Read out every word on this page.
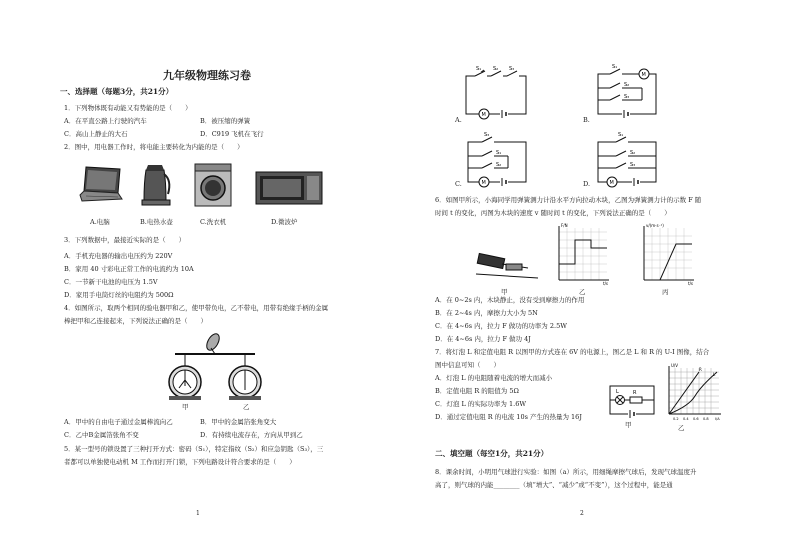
九年级物理练习卷
一、选择题（每题3分，共21分）
1．下列物体既有动能又有势能的是（　　）
A．在平直公路上行驶的汽车	B．被压缩的弹簧
C．高山上静止的大石	D．C919 飞机在飞行
2．图中，用电器工作时，将电能主要转化为内能的是（　　）
A.电脑	B.电热水壶	C.洗衣机	D.微波炉
3．下列数据中，最接近实际的是（　　）
A．手机充电器的输出电压约为 220V
B．家用 40 寸彩电正常工作的电流约为 10A
C．一节新干电池的电压为 1.5V
D．家用手电筒灯丝的电阻约为 500Ω
4．如图所示，取两个相同的验电器甲和乙，使甲带负电，乙不带电，用带有绝缘手柄的金属
棒把甲和乙连接起来，下列说法正确的是（　　）
甲	乙
A．甲中的自由电子通过金属棒流向乙	B．甲中的金属箔张角变大
C．乙中B金属箔张角不变	D．有持续电流存在，方向从甲到乙
5．某一型号的锁设置了三种打开方式：密码（S₁），特定指纹（S₂）和应急钥匙（S₃），三
者都可以单独使电动机 M 工作而打开门锁，下列电路设计符合要求的是（　　）
1
S₁ S₂ S₃
M
A.
S₁
S₂
S₃
M
B.
S₃
S₁
S₂
M
C.
S₁
S₂
S₃
M
D.
6．如图甲所示，小海同学用弹簧测力计沿水平方向拉动木块，乙图为弹簧测力计的示数 F 随
时间 t 的变化，丙图为木块的速度 v 随时间 t 的变化，下列说法正确的是（　　）
甲
F/N
t/s
乙
v/(m·s⁻¹)
t/s
丙
A．在 0~2s 内，木块静止，没有受到摩擦力的作用
B．在 2~4s 内，摩擦力大小为 5N
C．在 4~6s 内，拉力 F 做功的功率为 2.5W
D．在 4~6s 内，拉力 F 做功 4J
7．将灯泡 L 和定值电阻 R 以图甲的方式连在 6V 的电源上，图乙是 L 和 R 的 U-I 图像，结合
图中信息可知（　　）
A．灯泡 L 的电阻随着电流的增大而减小
B．定值电阻 R 的阻值为 5Ω
C．灯泡 L 的实际功率为 1.6W
D．通过定值电阻 R 的电流 10s 产生的热量为 16J
L	R
甲
U/V
R
L
0.2 0.4 0.6 0.8 I/A
乙
二、填空题（每空1分，共21分）
8．课余时间，小明用气球进行实验：如图（a）所示，用细绳摩擦气球后，发现气球温度升
高了，则气球的内能________（填“增大”、“减少”或“不变”），这个过程中，能是通
2
